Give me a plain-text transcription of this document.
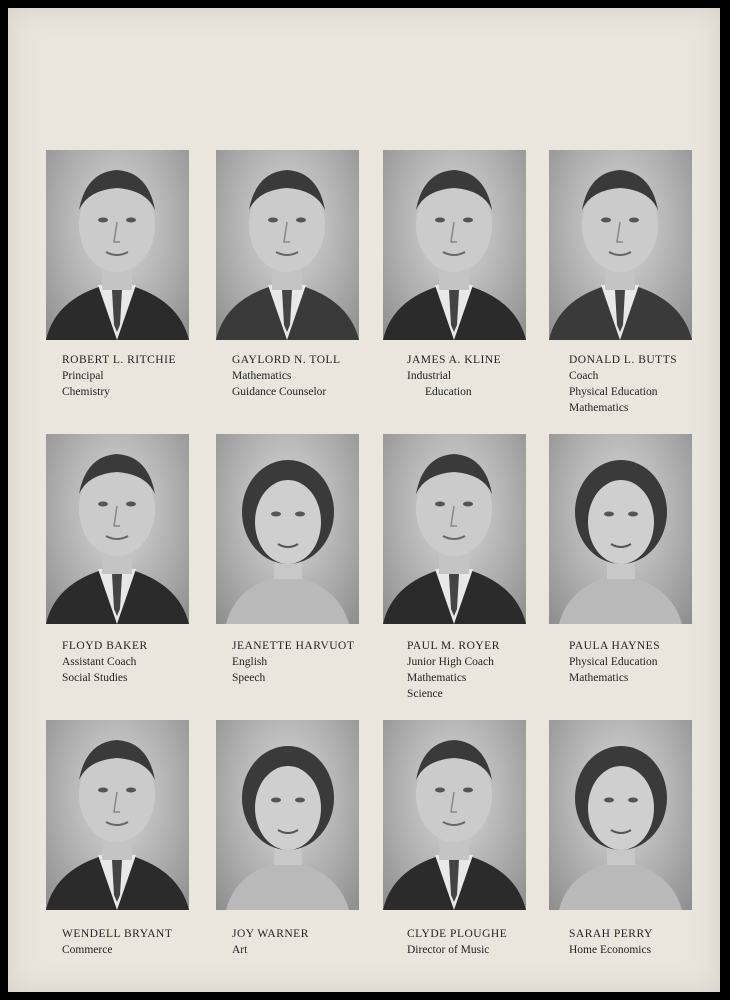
ROBERT L. RITCHIE
Principal
Chemistry
GAYLORD N. TOLL
Mathematics
Guidance Counselor
JAMES A. KLINE
Industrial
Education
DONALD L. BUTTS
Coach
Physical Education
Mathematics
FLOYD BAKER
Assistant Coach
Social Studies
JEANETTE HARVUOT
English
Speech
PAUL M. ROYER
Junior High Coach
Mathematics
Science
PAULA HAYNES
Physical Education
Mathematics
WENDELL BRYANT
Commerce
JOY WARNER
Art
CLYDE PLOUGHE
Director of Music
SARAH PERRY
Home Economics
